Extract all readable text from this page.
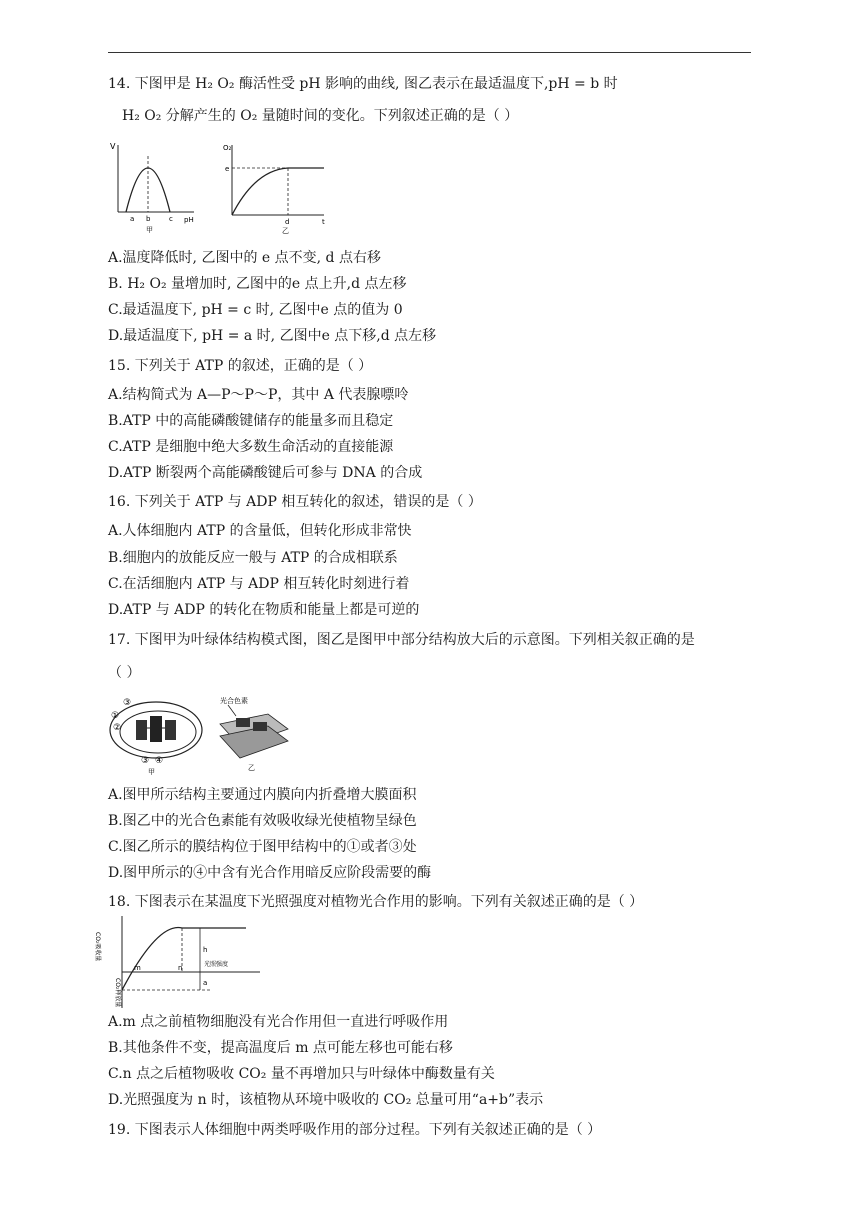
14. 下图甲是 H₂ O₂ 酶活性受 pH 影响的曲线, 图乙表示在最适温度下,pH = b 时
H₂ O₂ 分解产生的 O₂ 量随时间的变化。下列叙述正确的是（ ）
V
pH
a b	c
甲
O₂
e
d	t
乙
A.温度降低时, 乙图中的 e 点不变, d 点右移
B. H₂ O₂ 量增加时, 乙图中的e 点上升,d 点左移
C.最适温度下, pH = c 时, 乙图中e 点的值为 0
D.最适温度下, pH = a 时, 乙图中e 点下移,d 点左移
15. 下列关于 ATP 的叙述，正确的是（ ）
A.结构简式为 A—P～P～P，其中 A 代表腺嘌呤
B.ATP 中的高能磷酸键储存的能量多而且稳定
C.ATP 是细胞中绝大多数生命活动的直接能源
D.ATP 断裂两个高能磷酸键后可参与 DNA 的合成
16. 下列关于 ATP 与 ADP 相互转化的叙述，错误的是（ ）
A.人体细胞内 ATP 的含量低，但转化形成非常快
B.细胞内的放能反应一般与 ATP 的合成相联系
C.在活细胞内 ATP 与 ADP 相互转化时刻进行着
D.ATP 与 ADP 的转化在物质和能量上都是可逆的
17. 下图甲为叶绿体结构模式图，图乙是图甲中部分结构放大后的示意图。下列相关叙正确的是
（ ）
③
①
②
③ ④
甲
光合色素
乙
A.图甲所示结构主要通过内膜向内折叠增大膜面积
B.图乙中的光合色素能有效吸收绿光使植物呈绿色
C.图乙所示的膜结构位于图甲结构中的①或者③处
D.图甲所示的④中含有光合作用暗反应阶段需要的酶
18. 下图表示在某温度下光照强度对植物光合作用的影响。下列有关叙述正确的是（ ）
CO₂吸收量
CO₂释放量
光照强度
m	n
h
a
A.m 点之前植物细胞没有光合作用但一直进行呼吸作用
B.其他条件不变，提高温度后 m 点可能左移也可能右移
C.n 点之后植物吸收 CO₂ 量不再增加只与叶绿体中酶数量有关
D.光照强度为 n 时，该植物从环境中吸收的 CO₂ 总量可用“a+b”表示
19. 下图表示人体细胞中两类呼吸作用的部分过程。下列有关叙述正确的是（ ）
